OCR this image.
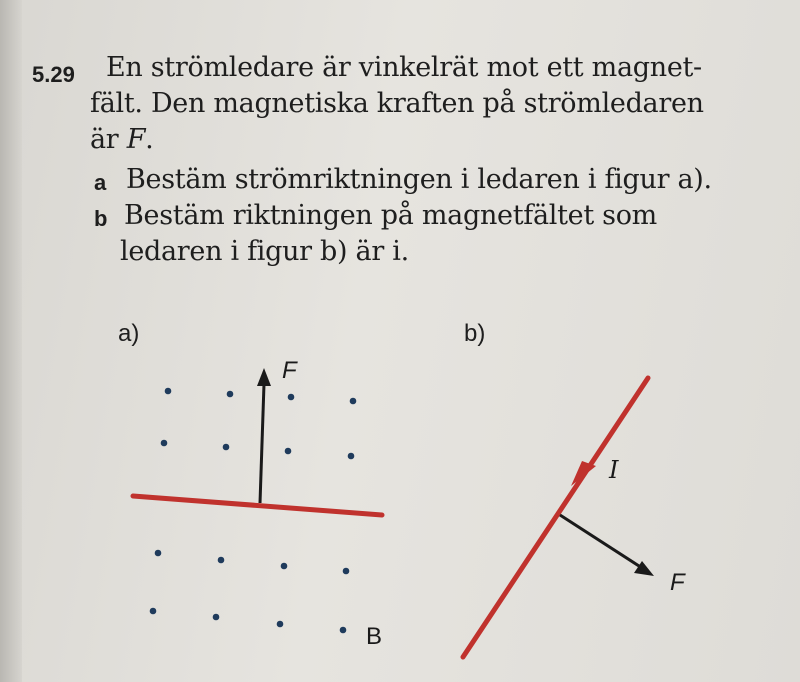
5.29 En strömledare är vinkelrät mot ett magnet-
fält. Den magnetiska kraften på strömledaren
är F.
a Bestäm strömriktningen i ledaren i figur a).
b Bestäm riktningen på magnetfältet som
ledaren i figur b) är i.
a)	b)
F
B
I
F
